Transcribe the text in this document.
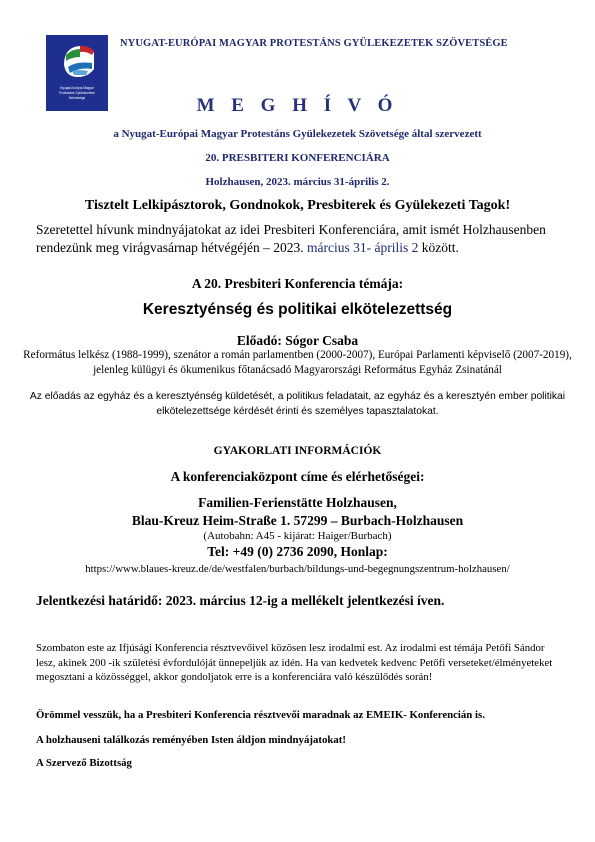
Nyugat-Európai Magyar
Protestáns Gyülekezetek
Szövetsége
NYUGAT-EURÓPAI MAGYAR PROTESTÁNS GYÜLEKEZETEK SZÖVETSÉGE
M E G H Í V Ó
a Nyugat-Európai Magyar Protestáns Gyülekezetek Szövetsége által szervezett
20. PRESBITERI KONFERENCIÁRA
Holzhausen, 2023. március 31-április 2.
Tisztelt Lelkipásztorok, Gondnokok, Presbiterek és Gyülekezeti Tagok!
Szeretettel hívunk mindnyájatokat az idei Presbiteri Konferenciára, amit ismét Holzhausenben rendezünk meg virágvasárnap hétvégéjén – 2023. március 31- április 2 között.
A 20. Presbiteri Konferencia témája:
Keresztyénség és politikai elkötelezettség
Előadó: Sógor Csaba
Református lelkész (1988-1999), szenátor a román parlamentben (2000-2007), Európai Parlamenti képviselő (2007-2019), jelenleg külügyi és ökumenikus főtanácsadó Magyarországi Református Egyház Zsinatánál
Az előadás az egyház és a keresztyénség küldetését, a politikus feladatait, az egyház és a keresztyén ember politikai elkötelezettsége kérdését érinti és személyes tapasztalatokat.
GYAKORLATI INFORMÁCIÓK
A konferenciaközpont címe és elérhetőségei:
Familien-Ferienstätte Holzhausen,
Blau-Kreuz Heim-Straße 1. 57299 – Burbach-Holzhausen
(Autobahn: A45 - kijárat: Haiger/Burbach)
Tel: +49 (0) 2736 2090, Honlap:
https://www.blaues-kreuz.de/de/westfalen/burbach/bildungs-und-begegnungszentrum-holzhausen/
Jelentkezési határidő: 2023. március 12-ig a mellékelt jelentkezési íven.
Szombaton este az Ifjúsági Konferencia résztvevőivel közösen lesz irodalmi est. Az irodalmi est témája Petőfi Sándor lesz, akinek 200 -ik születési évfordulóját ünnepeljük az idén. Ha van kedvetek kedvenc Petőfi verseteket/élményeteket megosztani a közösséggel, akkor gondoljatok erre is a konferenciára való készülődés során!
Örömmel vesszük, ha a Presbiteri Konferencia résztvevői maradnak az EMEIK- Konferencián is.
A holzhauseni találkozás reményében Isten áldjon mindnyájatokat!
A Szervező Bizottság
